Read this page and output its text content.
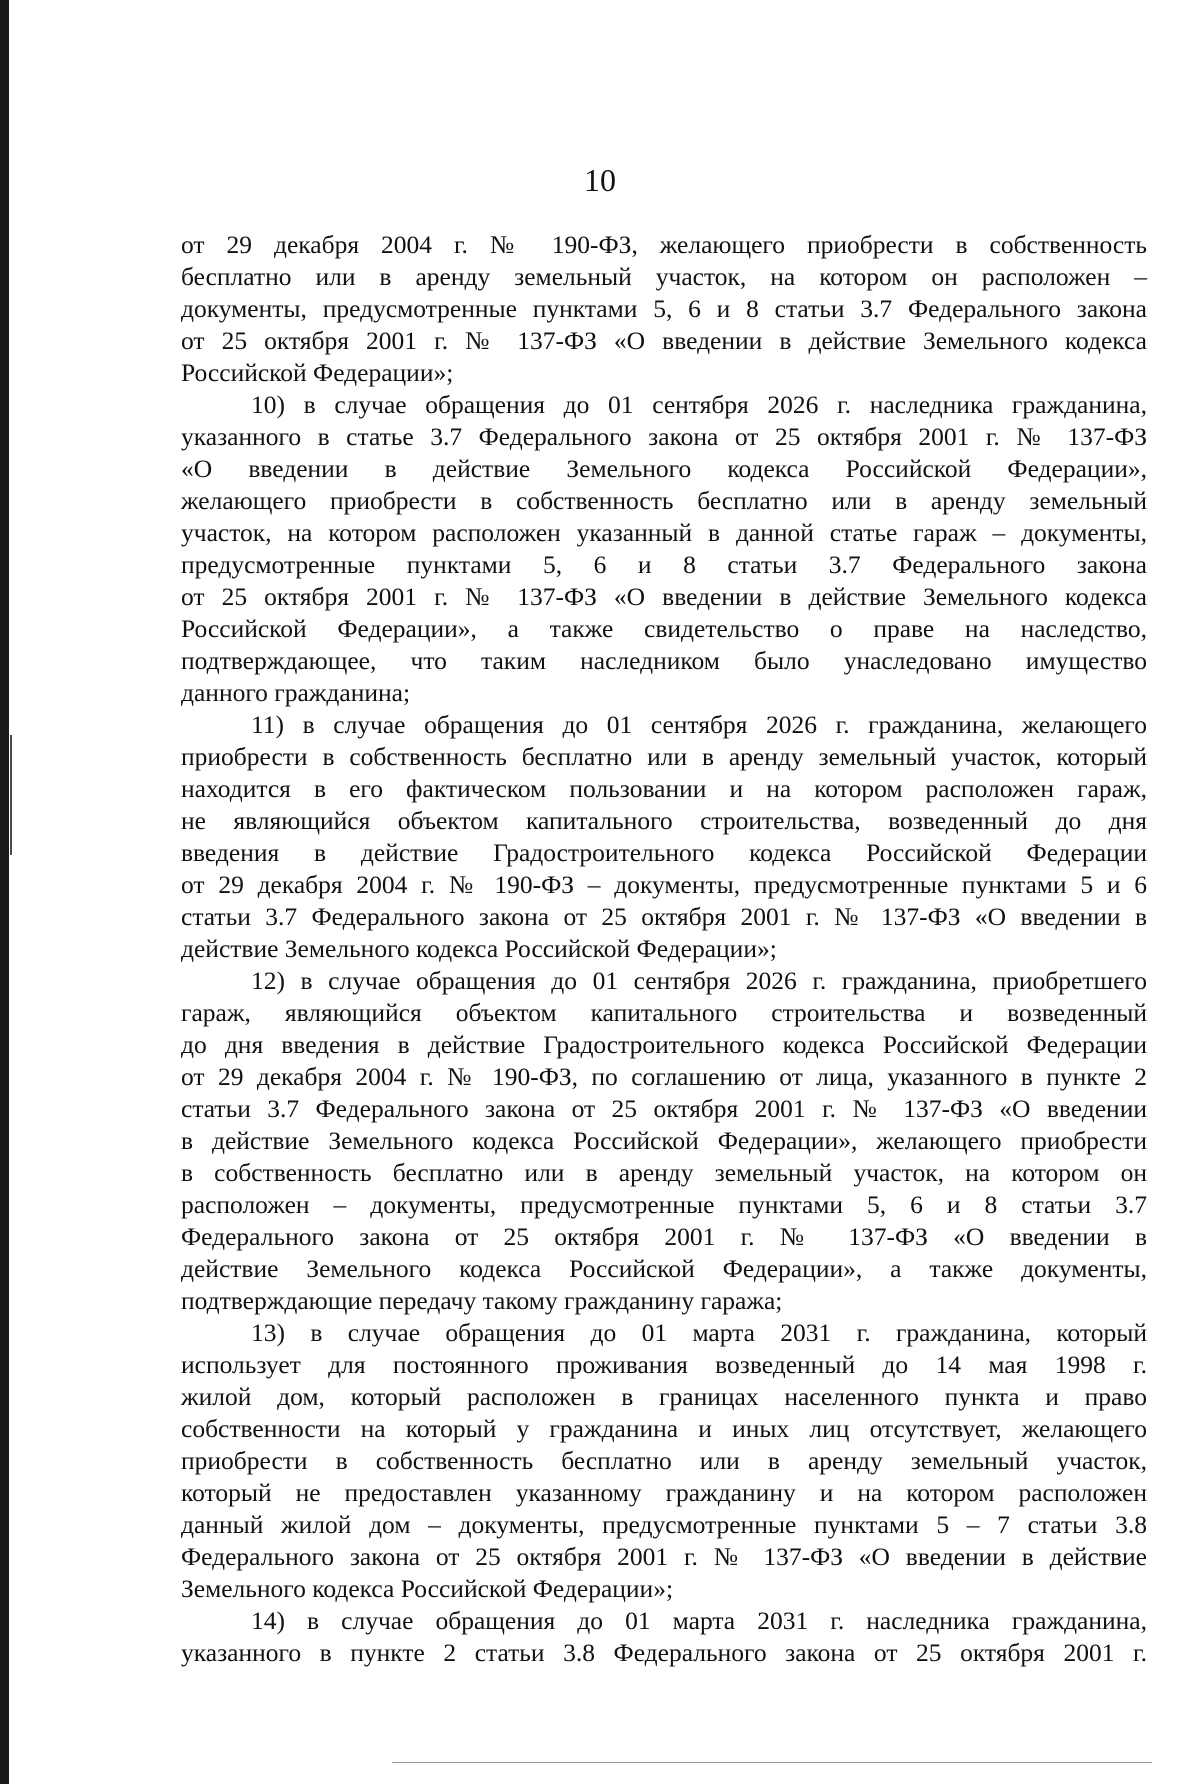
10
от 29 декабря 2004 г. № 190-ФЗ, желающего приобрести в собственность
бесплатно или в аренду земельный участок, на котором он расположен –
документы, предусмотренные пунктами 5, 6 и 8 статьи 3.7 Федерального закона
от 25 октября 2001 г. № 137-ФЗ «О введении в действие Земельного кодекса
Российской Федерации»;
10) в случае обращения до 01 сентября 2026 г. наследника гражданина,
указанного в статье 3.7 Федерального закона от 25 октября 2001 г. № 137-ФЗ
«О введении в действие Земельного кодекса Российской Федерации»,
желающего приобрести в собственность бесплатно или в аренду земельный
участок, на котором расположен указанный в данной статье гараж – документы,
предусмотренные пунктами 5, 6 и 8 статьи 3.7 Федерального закона
от 25 октября 2001 г. № 137-ФЗ «О введении в действие Земельного кодекса
Российской Федерации», а также свидетельство о праве на наследство,
подтверждающее, что таким наследником было унаследовано имущество
данного гражданина;
11) в случае обращения до 01 сентября 2026 г. гражданина, желающего
приобрести в собственность бесплатно или в аренду земельный участок, который
находится в его фактическом пользовании и на котором расположен гараж,
не являющийся объектом капитального строительства, возведенный до дня
введения в действие Градостроительного кодекса Российской Федерации
от 29 декабря 2004 г. № 190-ФЗ – документы, предусмотренные пунктами 5 и 6
статьи 3.7 Федерального закона от 25 октября 2001 г. № 137-ФЗ «О введении в
действие Земельного кодекса Российской Федерации»;
12) в случае обращения до 01 сентября 2026 г. гражданина, приобретшего
гараж, являющийся объектом капитального строительства и возведенный
до дня введения в действие Градостроительного кодекса Российской Федерации
от 29 декабря 2004 г. № 190-ФЗ, по соглашению от лица, указанного в пункте 2
статьи 3.7 Федерального закона от 25 октября 2001 г. № 137-ФЗ «О введении
в действие Земельного кодекса Российской Федерации», желающего приобрести
в собственность бесплатно или в аренду земельный участок, на котором он
расположен – документы, предусмотренные пунктами 5, 6 и 8 статьи 3.7
Федерального закона от 25 октября 2001 г. № 137-ФЗ «О введении в
действие Земельного кодекса Российской Федерации», а также документы,
подтверждающие передачу такому гражданину гаража;
13) в случае обращения до 01 марта 2031 г. гражданина, который
использует для постоянного проживания возведенный до 14 мая 1998 г.
жилой дом, который расположен в границах населенного пункта и право
собственности на который у гражданина и иных лиц отсутствует, желающего
приобрести в собственность бесплатно или в аренду земельный участок,
который не предоставлен указанному гражданину и на котором расположен
данный жилой дом – документы, предусмотренные пунктами 5 – 7 статьи 3.8
Федерального закона от 25 октября 2001 г. № 137-ФЗ «О введении в действие
Земельного кодекса Российской Федерации»;
14) в случае обращения до 01 марта 2031 г. наследника гражданина,
указанного в пункте 2 статьи 3.8 Федерального закона от 25 октября 2001 г.
